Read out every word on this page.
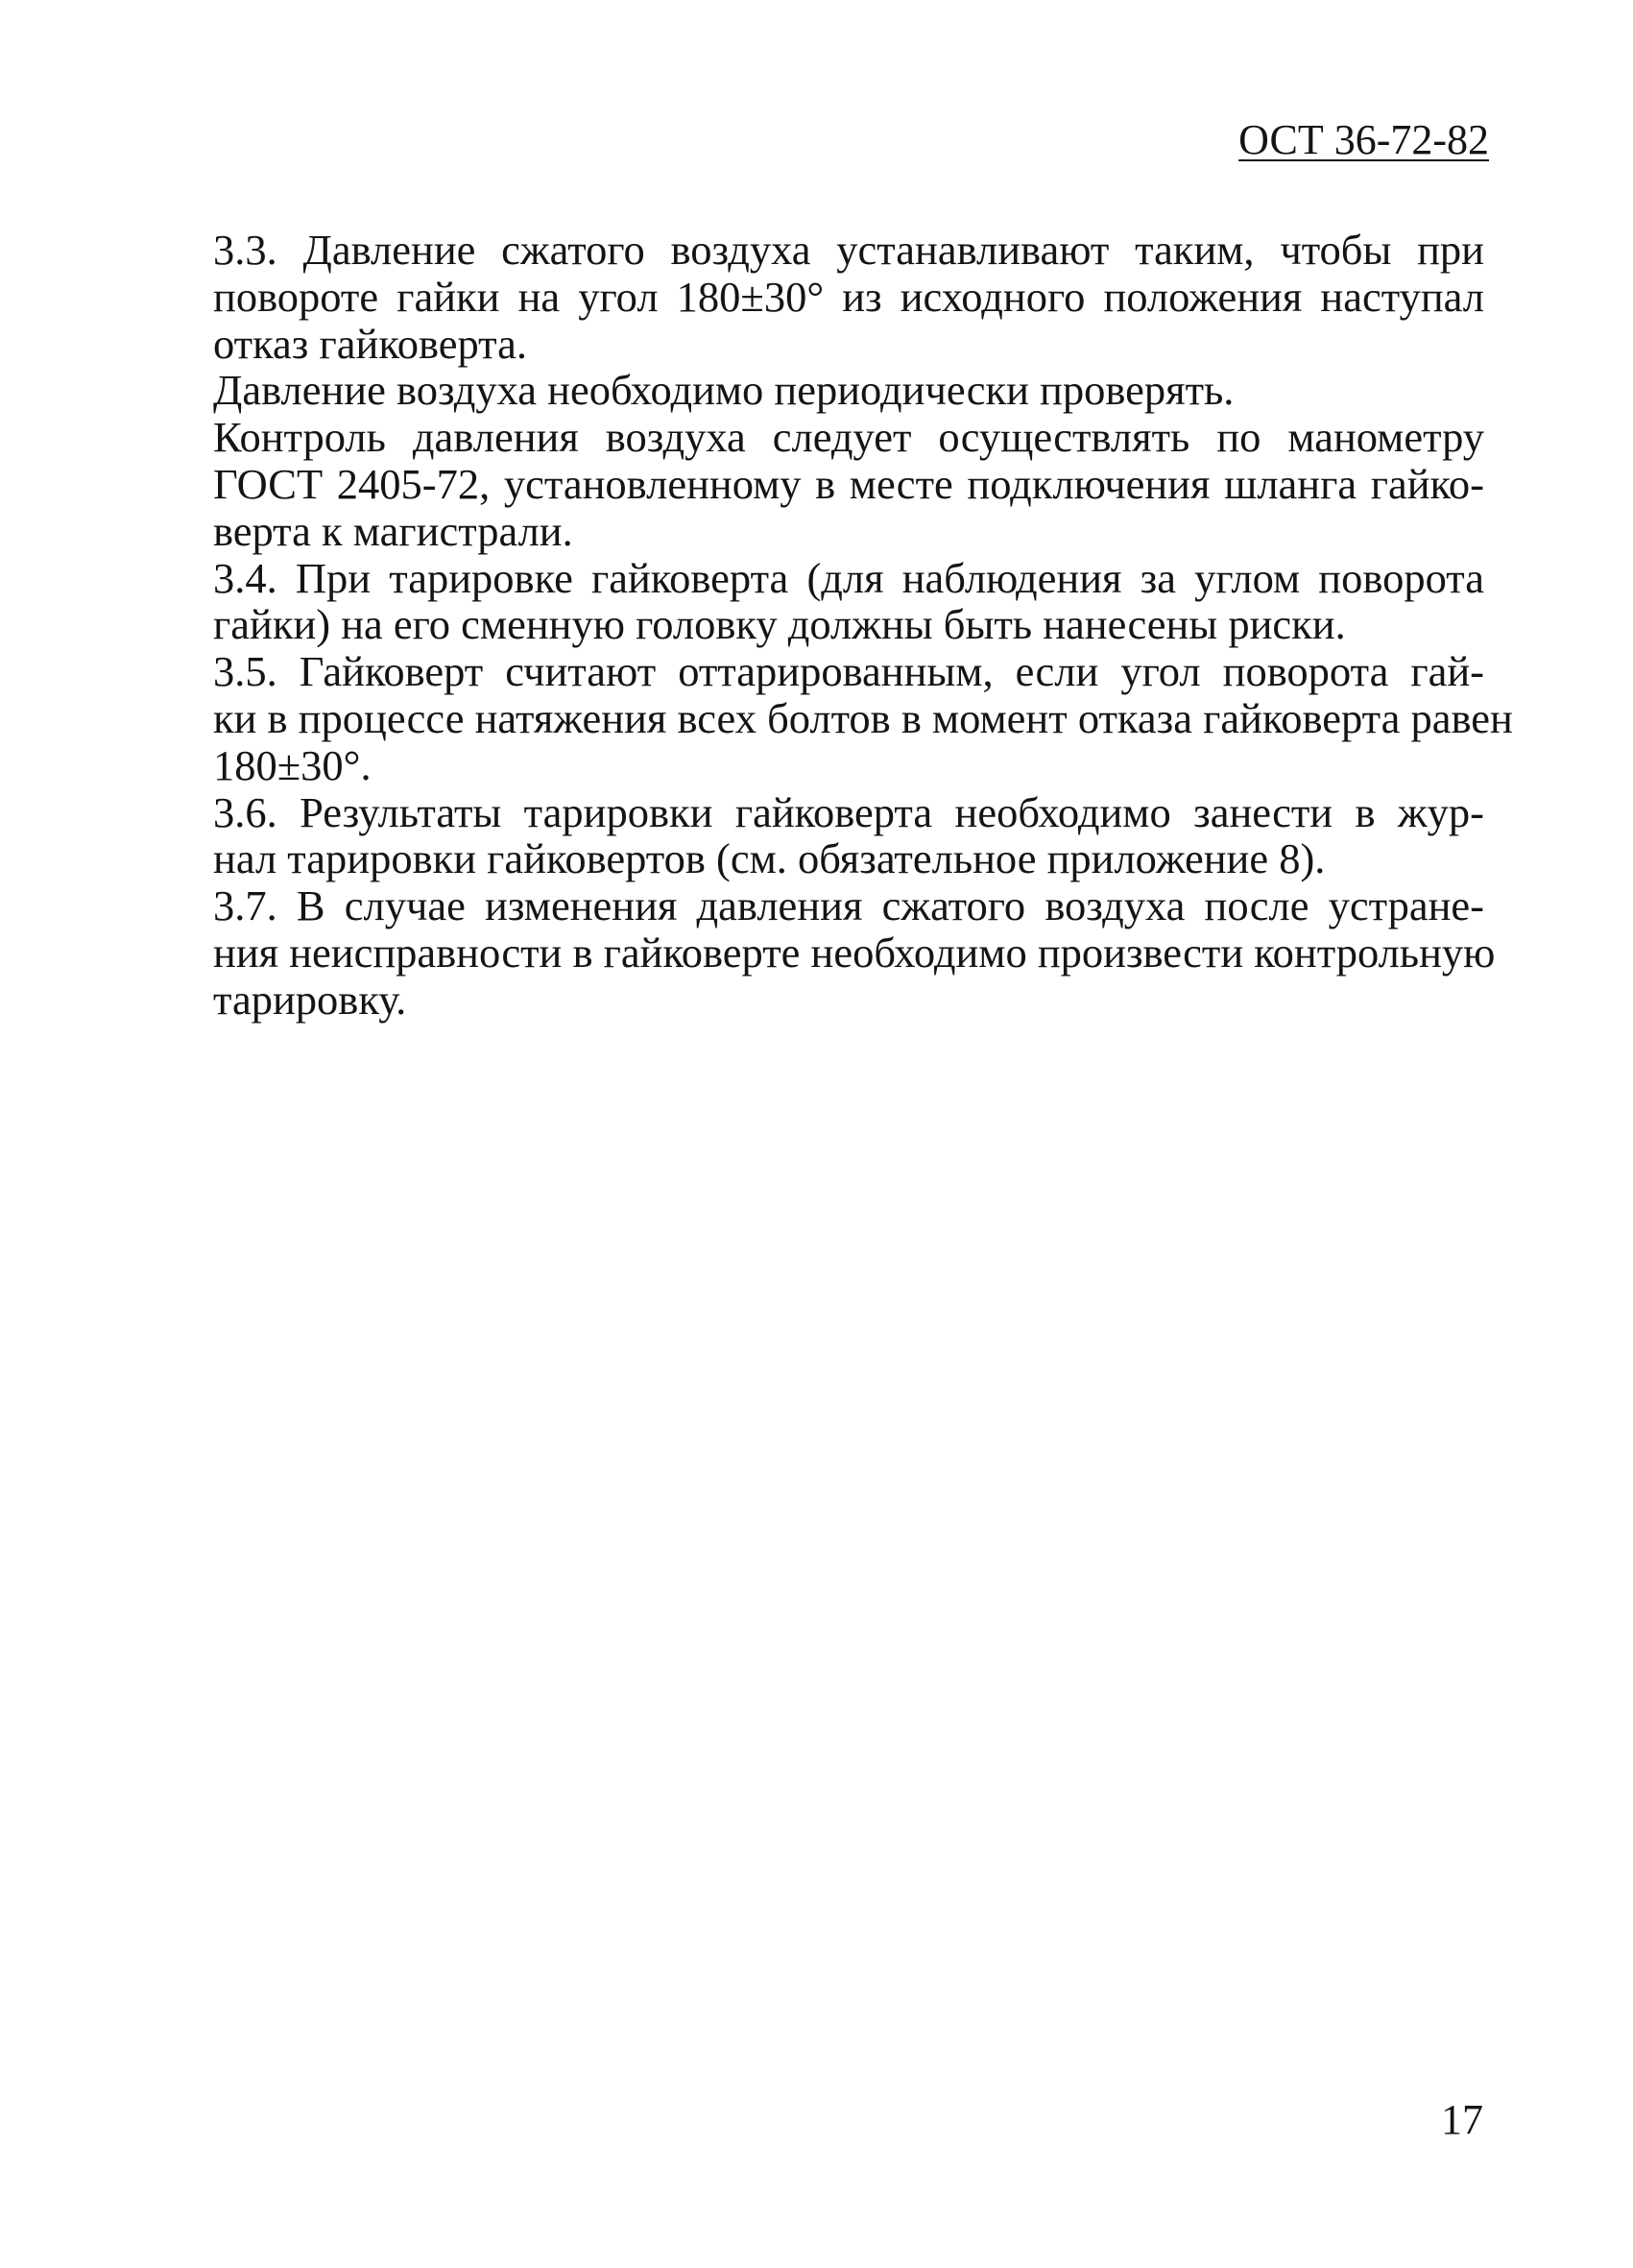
ОСТ 36-72-82

3.3. Давление сжатого воздуха устанавливают таким, чтобы при
повороте гайки на угол 180±30° из исходного положения наступал
отказ гайковерта.

Давление воздуха необходимо периодически проверять.

Контроль давления воздуха следует осуществлять по манометру
ГОСТ 2405-72, установленному в месте подключения шланга гайко-
верта к магистрали.

3.4. При тарировке гайковерта (для наблюдения за углом поворота
гайки) на его сменную головку должны быть нанесены риски.

3.5. Гайковерт считают оттарированным, если угол поворота гай-
ки в процессе натяжения всех болтов в момент отказа гайковерта равен
180±30°.

3.6. Результаты тарировки гайковерта необходимо занести в жур-
нал тарировки гайковертов (см. обязательное приложение 8).

3.7. В случае изменения давления сжатого воздуха после устране-
ния неисправности в гайковерте необходимо произвести контрольную
тарировку.

17
